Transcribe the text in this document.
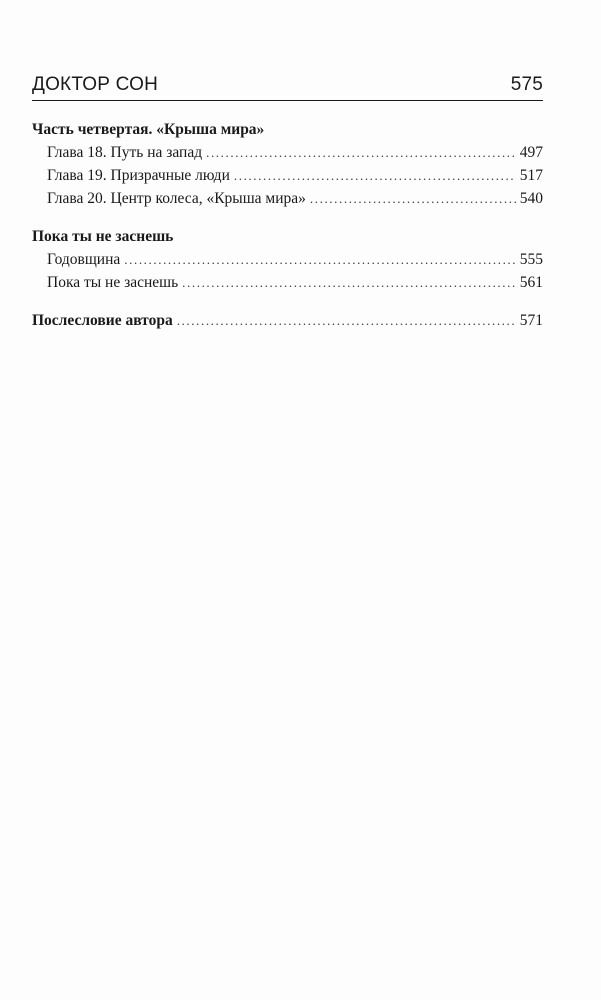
ДОКТОР СОН	575
Часть четвертая. «Крыша мира»
Глава 18. Путь на запад .....	497
Глава 19. Призрачные люди .....	517
Глава 20. Центр колеса, «Крыша мира» .....	540
Пока ты не заснешь
Годовщина .....	555
Пока ты не заснешь .....	561
Послесловие автора .....	571
